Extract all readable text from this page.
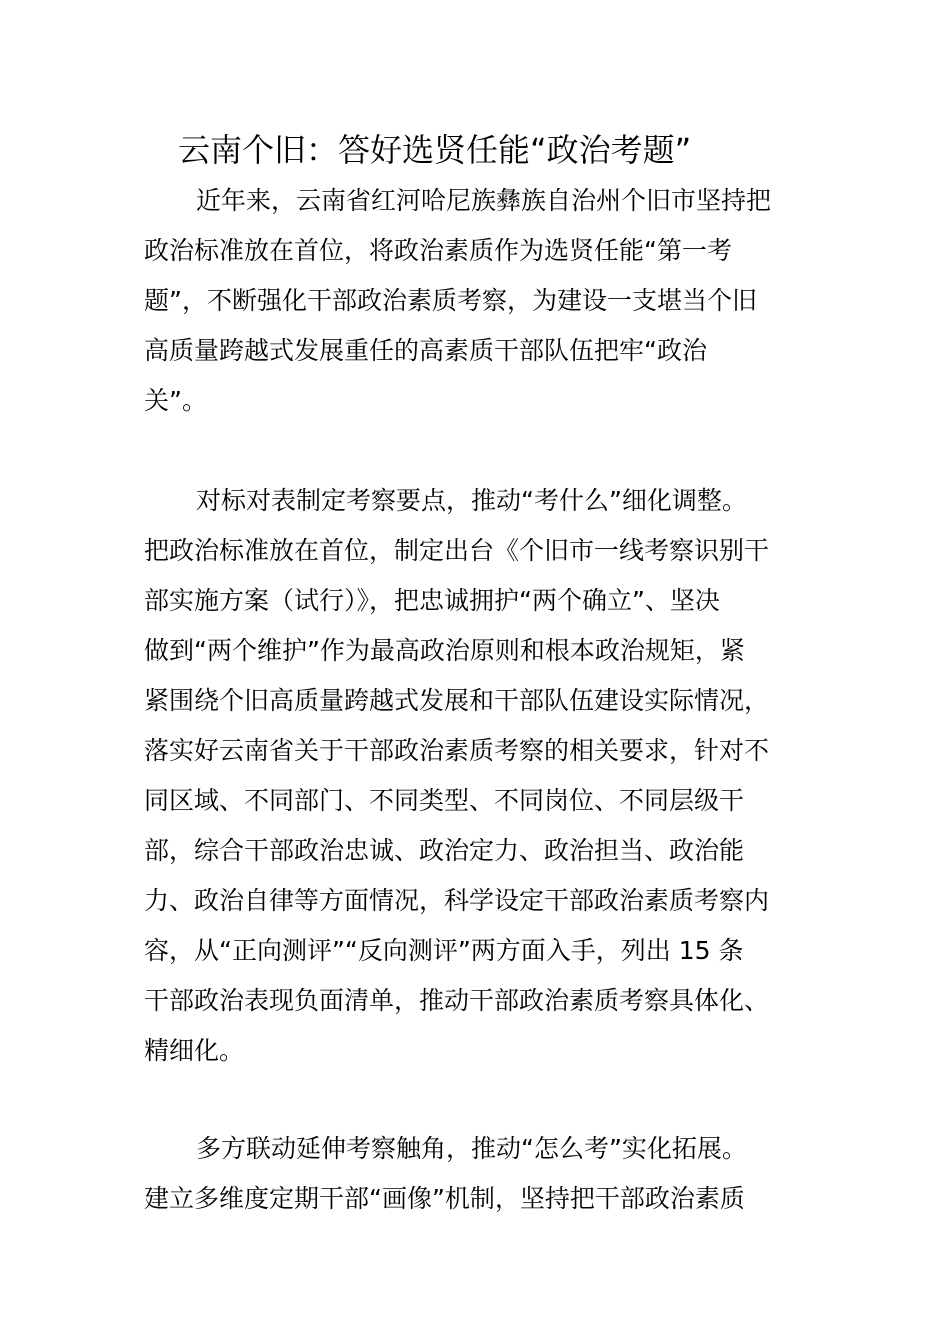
云南个旧：答好选贤任能“政治考题”
近年来，云南省红河哈尼族彝族自治州个旧市坚持把
政治标准放在首位，将政治素质作为选贤任能“第一考
题”，不断强化干部政治素质考察，为建设一支堪当个旧
高质量跨越式发展重任的高素质干部队伍把牢“政治
关”。
对标对表制定考察要点，推动“考什么”细化调整。
把政治标准放在首位，制定出台《个旧市一线考察识别干
部实施方案（试行）》，把忠诚拥护“两个确立”、坚决
做到“两个维护”作为最高政治原则和根本政治规矩，紧
紧围绕个旧高质量跨越式发展和干部队伍建设实际情况，
落实好云南省关于干部政治素质考察的相关要求，针对不
同区域、不同部门、不同类型、不同岗位、不同层级干
部，综合干部政治忠诚、政治定力、政治担当、政治能
力、政治自律等方面情况，科学设定干部政治素质考察内
容，从“正向测评”“反向测评”两方面入手，列出 15 条
干部政治表现负面清单，推动干部政治素质考察具体化、
精细化。
多方联动延伸考察触角，推动“怎么考”实化拓展。
建立多维度定期干部“画像”机制，坚持把干部政治素质
